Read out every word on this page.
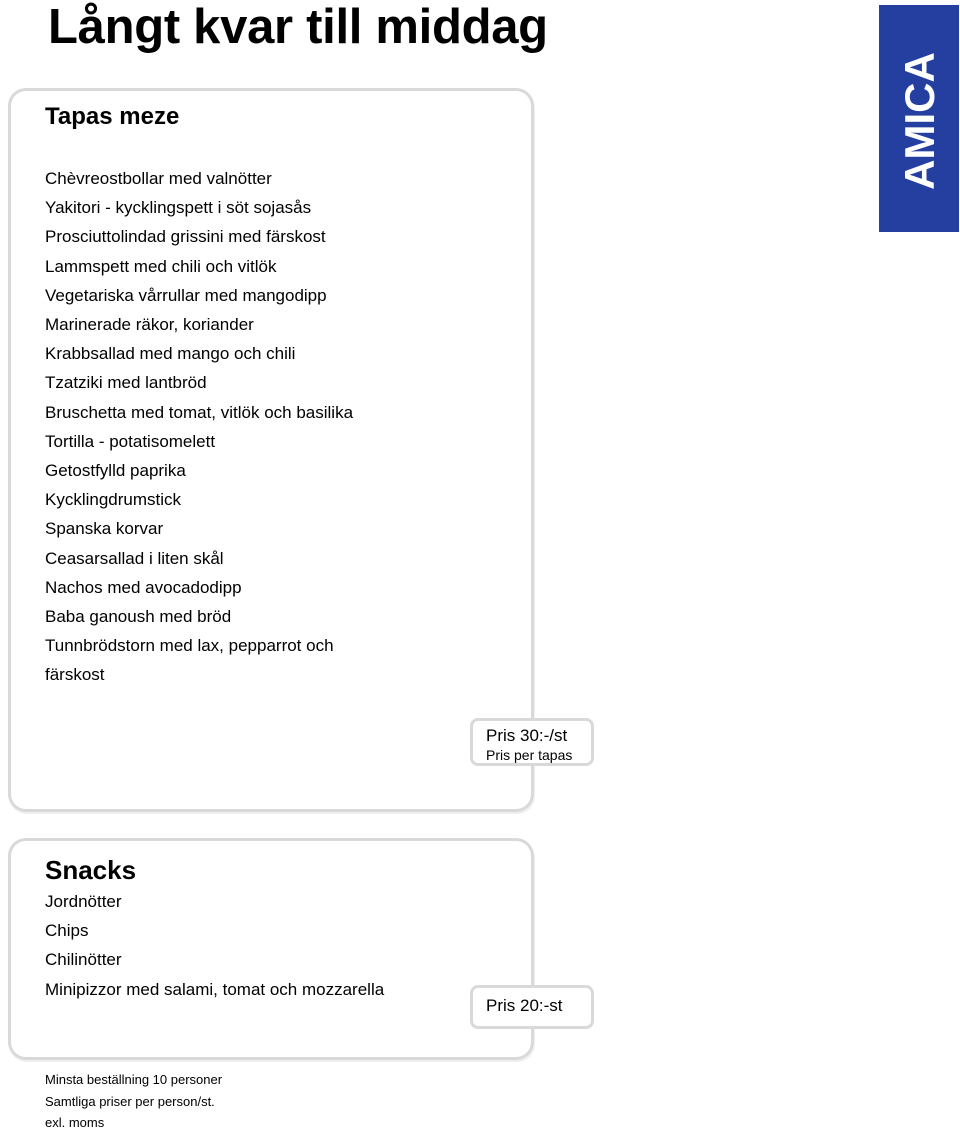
Långt kvar till middag
AMICA
Tapas meze
Chèvreostbollar med valnötter
Yakitori - kycklingspett i söt sojasås
Prosciuttolindad grissini med färskost
Lammspett med chili och vitlök
Vegetariska vårrullar med mangodipp
Marinerade räkor, koriander
Krabbsallad med mango och chili
Tzatziki med lantbröd
Bruschetta med tomat, vitlök och basilika
Tortilla - potatisomelett
Getostfylld paprika
Kycklingdrumstick
Spanska korvar
Ceasarsallad i liten skål
Nachos med avocadodipp
Baba ganoush med bröd
Tunnbrödstorn med lax, pepparrot och
färskost
Pris 30:-/st
Pris per tapas
Snacks
Jordnötter
Chips
Chilinötter
Minipizzor med salami, tomat och mozzarella
Pris 20:-st
Minsta beställning 10 personer
Samtliga priser per person/st.
exl. moms
